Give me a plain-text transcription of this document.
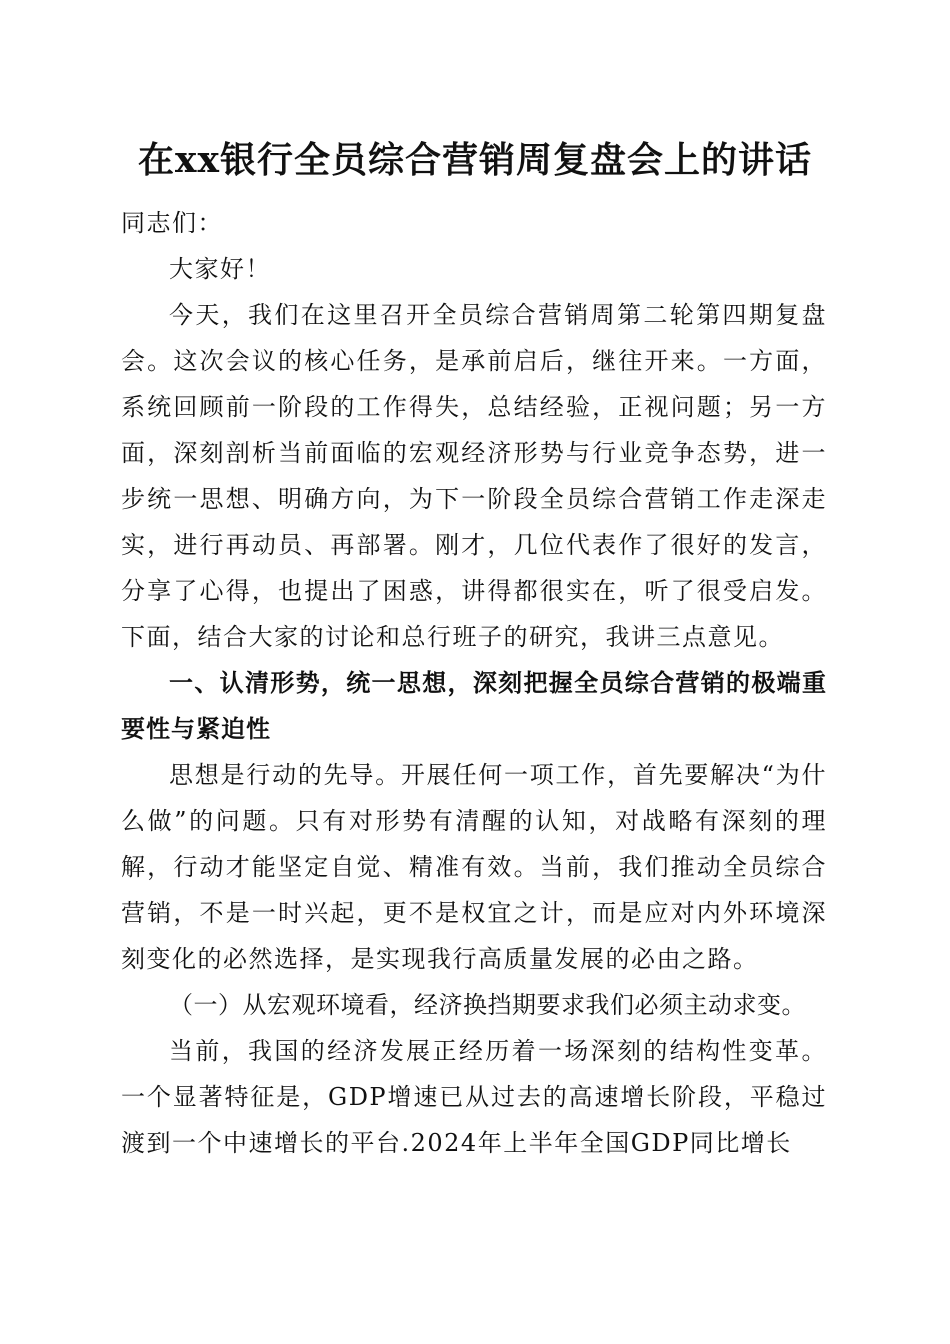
在xx银行全员综合营销周复盘会上的讲话

同志们：

大家好！

今天，我们在这里召开全员综合营销周第二轮第四期复盘会。这次会议的核心任务，是承前启后，继往开来。一方面，系统回顾前一阶段的工作得失，总结经验，正视问题；另一方面，深刻剖析当前面临的宏观经济形势与行业竞争态势，进一步统一思想、明确方向，为下一阶段全员综合营销工作走深走实，进行再动员、再部署。刚才，几位代表作了很好的发言，分享了心得，也提出了困惑，讲得都很实在，听了很受启发。下面，结合大家的讨论和总行班子的研究，我讲三点意见。

一、认清形势，统一思想，深刻把握全员综合营销的极端重要性与紧迫性

思想是行动的先导。开展任何一项工作，首先要解决“为什么做”的问题。只有对形势有清醒的认知，对战略有深刻的理解，行动才能坚定自觉、精准有效。当前，我们推动全员综合营销，不是一时兴起，更不是权宜之计，而是应对内外环境深刻变化的必然选择，是实现我行高质量发展的必由之路。

（一）从宏观环境看，经济换挡期要求我们必须主动求变。

当前，我国的经济发展正经历着一场深刻的结构性变革。一个显著特征是，GDP增速已从过去的高速增长阶段，平稳过渡到一个中速增长的平台.2024年上半年全国GDP同比增长
